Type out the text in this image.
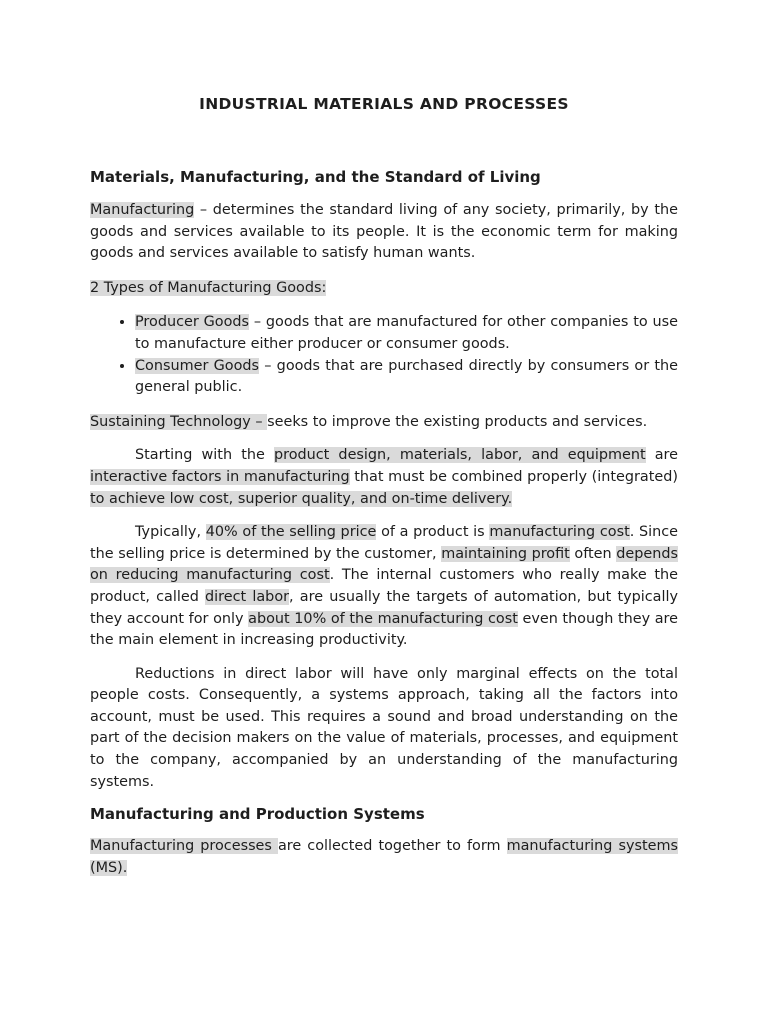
INDUSTRIAL MATERIALS AND PROCESSES
Materials, Manufacturing, and the Standard of Living

Manufacturing – determines the standard living of any society, primarily, by the goods and services available to its people. It is the economic term for making goods and services available to satisfy human wants.

2 Types of Manufacturing Goods:

• Producer Goods – goods that are manufactured for other companies to use to manufacture either producer or consumer goods.
• Consumer Goods – goods that are purchased directly by consumers or the general public.

Sustaining Technology – seeks to improve the existing products and services.

Starting with the product design, materials, labor, and equipment are interactive factors in manufacturing that must be combined properly (integrated) to achieve low cost, superior quality, and on-time delivery.

Typically, 40% of the selling price of a product is manufacturing cost. Since the selling price is determined by the customer, maintaining profit often depends on reducing manufacturing cost. The internal customers who really make the product, called direct labor, are usually the targets of automation, but typically they account for only about 10% of the manufacturing cost even though they are the main element in increasing productivity.

Reductions in direct labor will have only marginal effects on the total people costs. Consequently, a systems approach, taking all the factors into account, must be used. This requires a sound and broad understanding on the part of the decision makers on the value of materials, processes, and equipment to the company, accompanied by an understanding of the manufacturing systems.

Manufacturing and Production Systems

Manufacturing processes are collected together to form manufacturing systems (MS).
